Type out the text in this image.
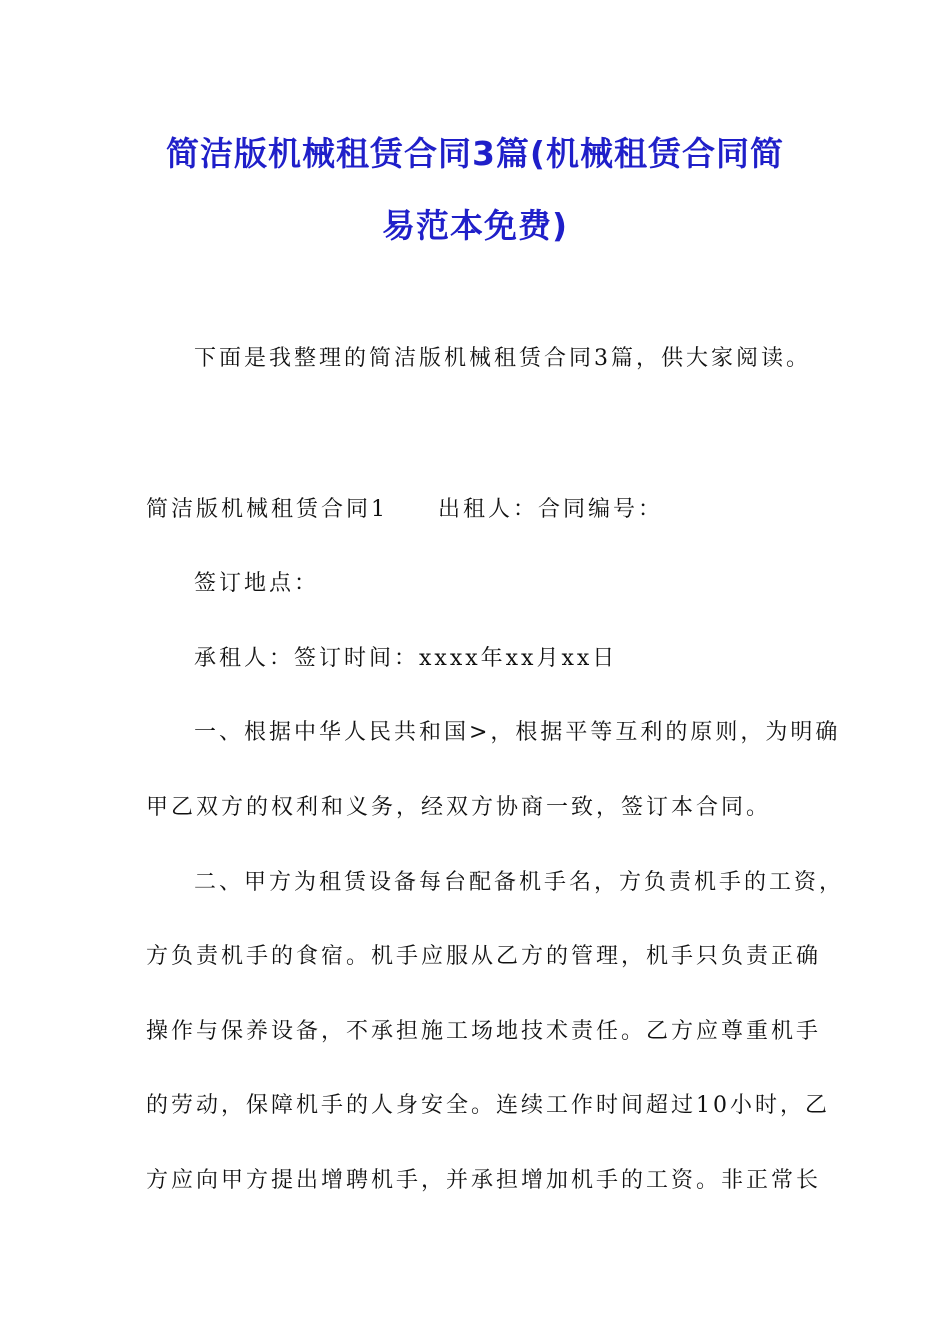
简洁版机械租赁合同3篇(机械租赁合同简
易范本免费)
下面是我整理的简洁版机械租赁合同3篇，供大家阅读。
简洁版机械租赁合同1 出租人：合同编号：
签订地点：
承租人：签订时间：xxxx年xx月xx日
一、根据中华人民共和国>，根据平等互利的原则，为明确
甲乙双方的权利和义务，经双方协商一致，签订本合同。
二、甲方为租赁设备每台配备机手名，方负责机手的工资，
方负责机手的食宿。机手应服从乙方的管理，机手只负责正确
操作与保养设备，不承担施工场地技术责任。乙方应尊重机手
的劳动，保障机手的人身安全。连续工作时间超过10小时，乙
方应向甲方提出增聘机手，并承担增加机手的工资。非正常长
